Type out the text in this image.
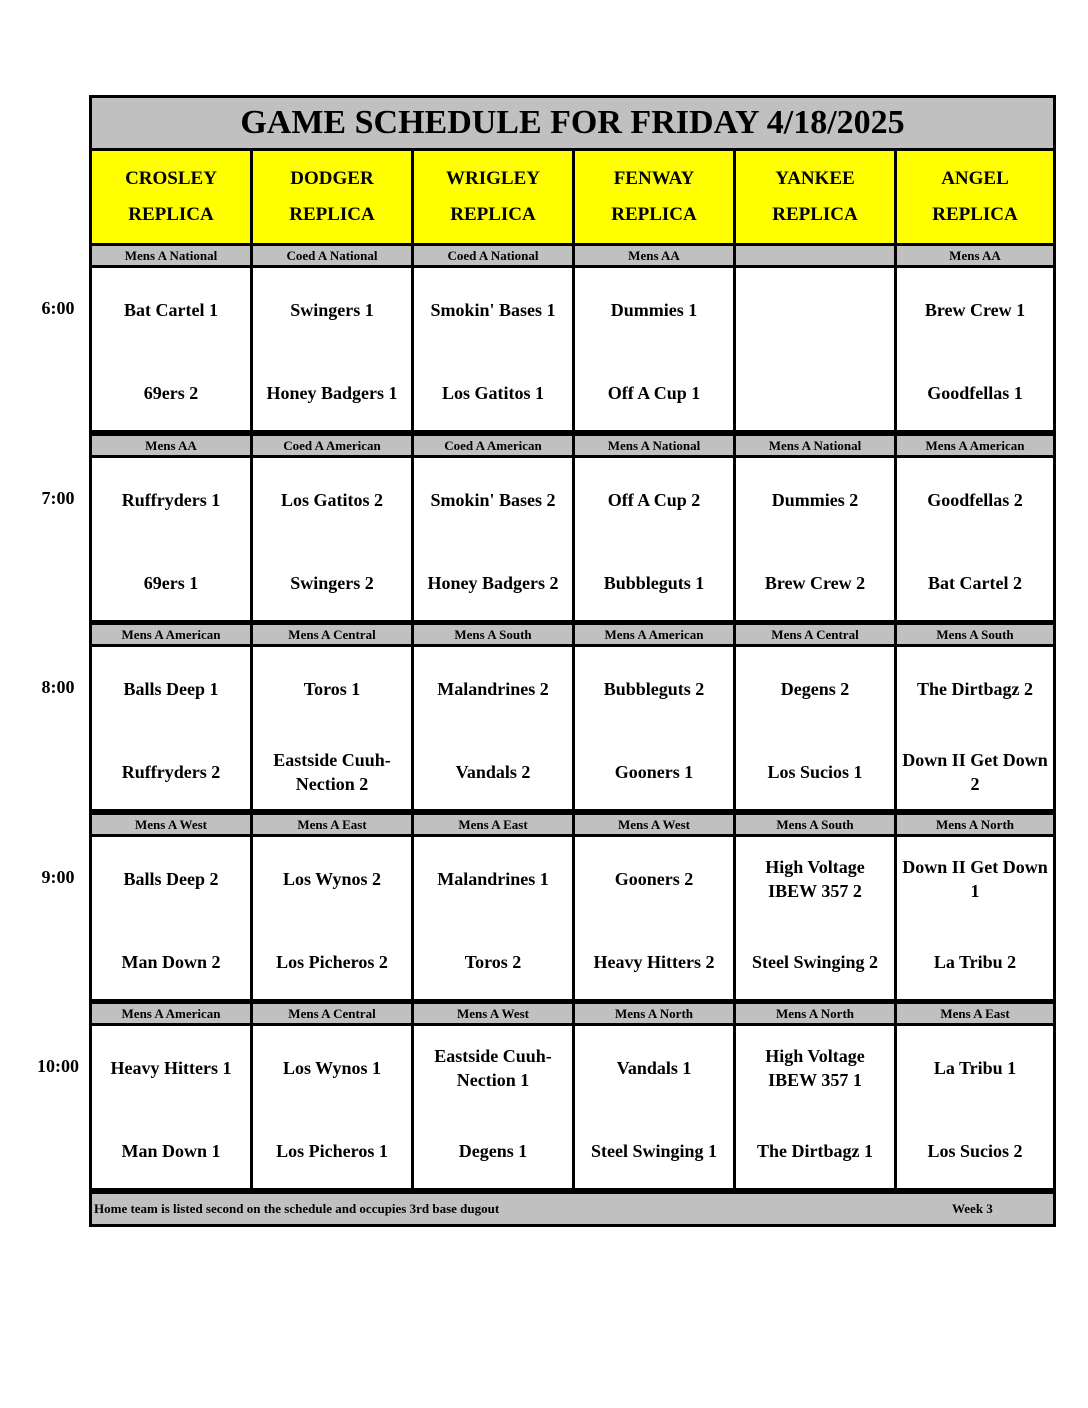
GAME SCHEDULE FOR FRIDAY 4/18/2025
CROSLEY
REPLICA
DODGER
REPLICA
WRIGLEY
REPLICA
FENWAY
REPLICA
YANKEE
REPLICA
ANGEL
REPLICA
Mens A National
Bat Cartel 1
69ers 2
Coed A National
Swingers 1
Honey Badgers 1
Coed A National
Smokin' Bases 1
Los Gatitos 1
Mens AA
Dummies 1
Off A Cup 1
Mens AA
Brew Crew 1
Goodfellas 1
Mens AA
Ruffryders 1
69ers 1
Coed A American
Los Gatitos 2
Swingers 2
Coed A American
Smokin' Bases 2
Honey Badgers 2
Mens A National
Off A Cup 2
Bubbleguts 1
Mens A National
Dummies 2
Brew Crew 2
Mens A American
Goodfellas 2
Bat Cartel 2
Mens A American
Balls Deep 1
Ruffryders 2
Mens A Central
Toros 1
Eastside Cuuh-Nection 2
Mens A South
Malandrines 2
Vandals 2
Mens A American
Bubbleguts 2
Gooners 1
Mens A Central
Degens 2
Los Sucios 1
Mens A South
The Dirtbagz 2
Down II Get Down 2
Mens A West
Balls Deep 2
Man Down 2
Mens A East
Los Wynos 2
Los Picheros 2
Mens A East
Malandrines 1
Toros 2
Mens A West
Gooners 2
Heavy Hitters 2
Mens A South
High Voltage IBEW 357 2
Steel Swinging 2
Mens A North
Down II Get Down 1
La Tribu 2
Mens A American
Heavy Hitters 1
Man Down 1
Mens A Central
Los Wynos 1
Los Picheros 1
Mens A West
Eastside Cuuh-Nection 1
Degens 1
Mens A North
Vandals 1
Steel Swinging 1
Mens A North
High Voltage IBEW 357 1
The Dirtbagz 1
Mens A East
La Tribu 1
Los Sucios 2
Home team is listed second on the schedule and occupies 3rd base dugout	Week 3
6:00
7:00
8:00
9:00
10:00
